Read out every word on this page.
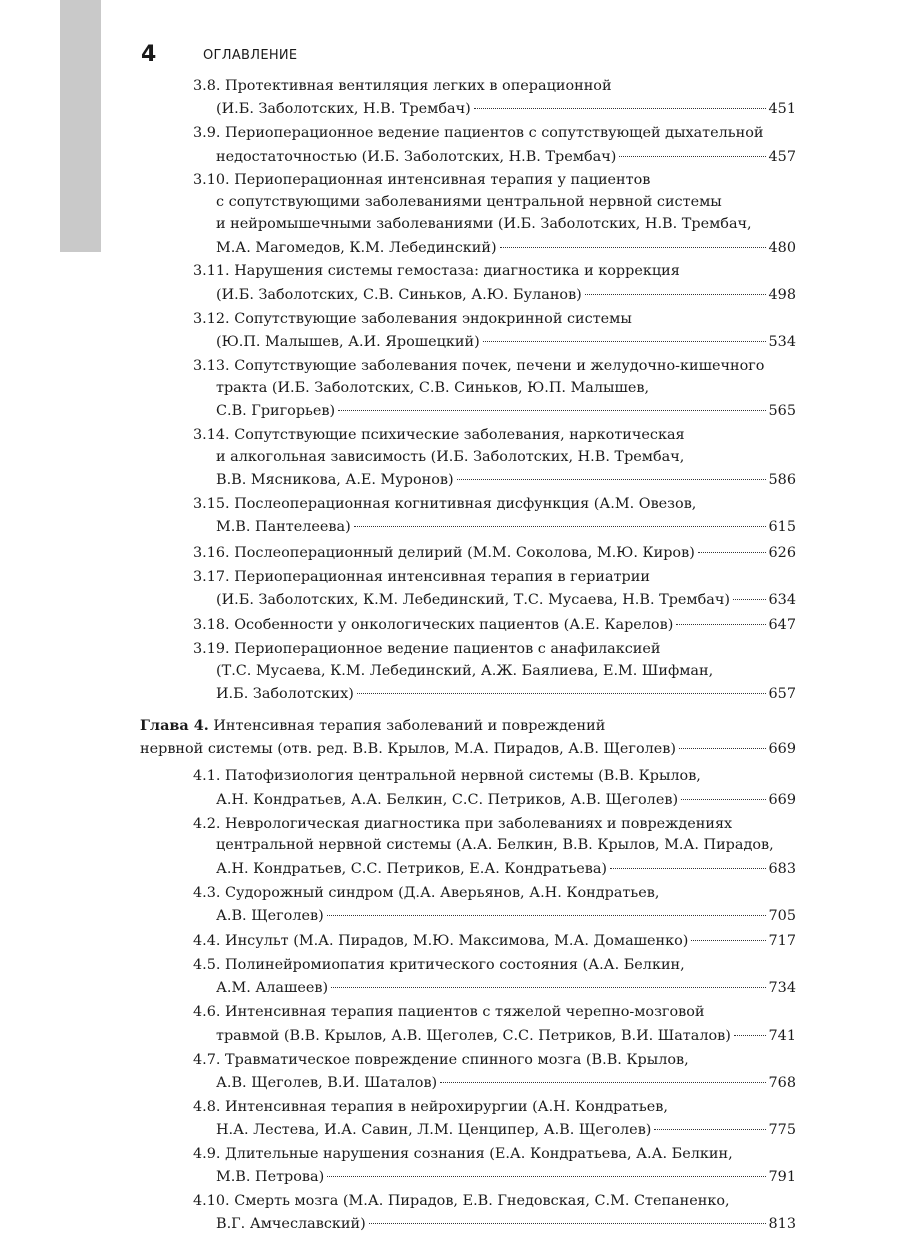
4	ОГЛАВЛЕНИЕ
3.8. Протективная вентиляция легких в операционной
(И.Б. Заболотских, Н.В. Трембач)	451
3.9. Периоперационное ведение пациентов с сопутствующей дыхательной
недостаточностью (И.Б. Заболотских, Н.В. Трембач)	457
3.10. Периоперационная интенсивная терапия у пациентов
с сопутствующими заболеваниями центральной нервной системы
и нейромышечными заболеваниями (И.Б. Заболотских, Н.В. Трембач,
М.А. Магомедов, К.М. Лебединский)	480
3.11. Нарушения системы гемостаза: диагностика и коррекция
(И.Б. Заболотских, С.В. Синьков, А.Ю. Буланов)	498
3.12. Сопутствующие заболевания эндокринной системы
(Ю.П. Малышев, А.И. Ярошецкий)	534
3.13. Сопутствующие заболевания почек, печени и желудочно-кишечного
тракта (И.Б. Заболотских, С.В. Синьков, Ю.П. Малышев,
С.В. Григорьев)	565
3.14. Сопутствующие психические заболевания, наркотическая
и алкогольная зависимость (И.Б. Заболотских, Н.В. Трембач,
В.В. Мясникова, А.Е. Муронов)	586
3.15. Послеоперационная когнитивная дисфункция (А.М. Овезов,
М.В. Пантелеева)	615
3.16. Послеоперационный делирий (М.М. Соколова, М.Ю. Киров)	626
3.17. Периоперационная интенсивная терапия в гериатрии
(И.Б. Заболотских, К.М. Лебединский, Т.С. Мусаева, Н.В. Трембач)	634
3.18. Особенности у онкологических пациентов (А.Е. Карелов)	647
3.19. Периоперационное ведение пациентов с анафилаксией
(Т.С. Мусаева, К.М. Лебединский, А.Ж. Баялиева, Е.М. Шифман,
И.Б. Заболотских)	657
Глава 4. Интенсивная терапия заболеваний и повреждений
нервной системы (отв. ред. В.В. Крылов, М.А. Пирадов, А.В. Щеголев)	669
4.1. Патофизиология центральной нервной системы (В.В. Крылов,
А.Н. Кондратьев, А.А. Белкин, С.С. Петриков, А.В. Щеголев)	669
4.2. Неврологическая диагностика при заболеваниях и повреждениях
центральной нервной системы (А.А. Белкин, В.В. Крылов, М.А. Пирадов,
А.Н. Кондратьев, С.С. Петриков, Е.А. Кондратьева)	683
4.3. Судорожный синдром (Д.А. Аверьянов, А.Н. Кондратьев,
А.В. Щеголев)	705
4.4. Инсульт (М.А. Пирадов, М.Ю. Максимова, М.А. Домашенко)	717
4.5. Полинейромиопатия критического состояния (А.А. Белкин,
А.М. Алашеев)	734
4.6. Интенсивная терапия пациентов с тяжелой черепно-мозговой
травмой (В.В. Крылов, А.В. Щеголев, С.С. Петриков, В.И. Шаталов)	741
4.7. Травматическое повреждение спинного мозга (В.В. Крылов,
А.В. Щеголев, В.И. Шаталов)	768
4.8. Интенсивная терапия в нейрохирургии (А.Н. Кондратьев,
Н.А. Лестева, И.А. Савин, Л.М. Ценципер, А.В. Щеголев)	775
4.9. Длительные нарушения сознания (Е.А. Кондратьева, А.А. Белкин,
М.В. Петрова)	791
4.10. Смерть мозга (М.А. Пирадов, Е.В. Гнедовская, С.М. Степаненко,
В.Г. Амчеславский)	813
